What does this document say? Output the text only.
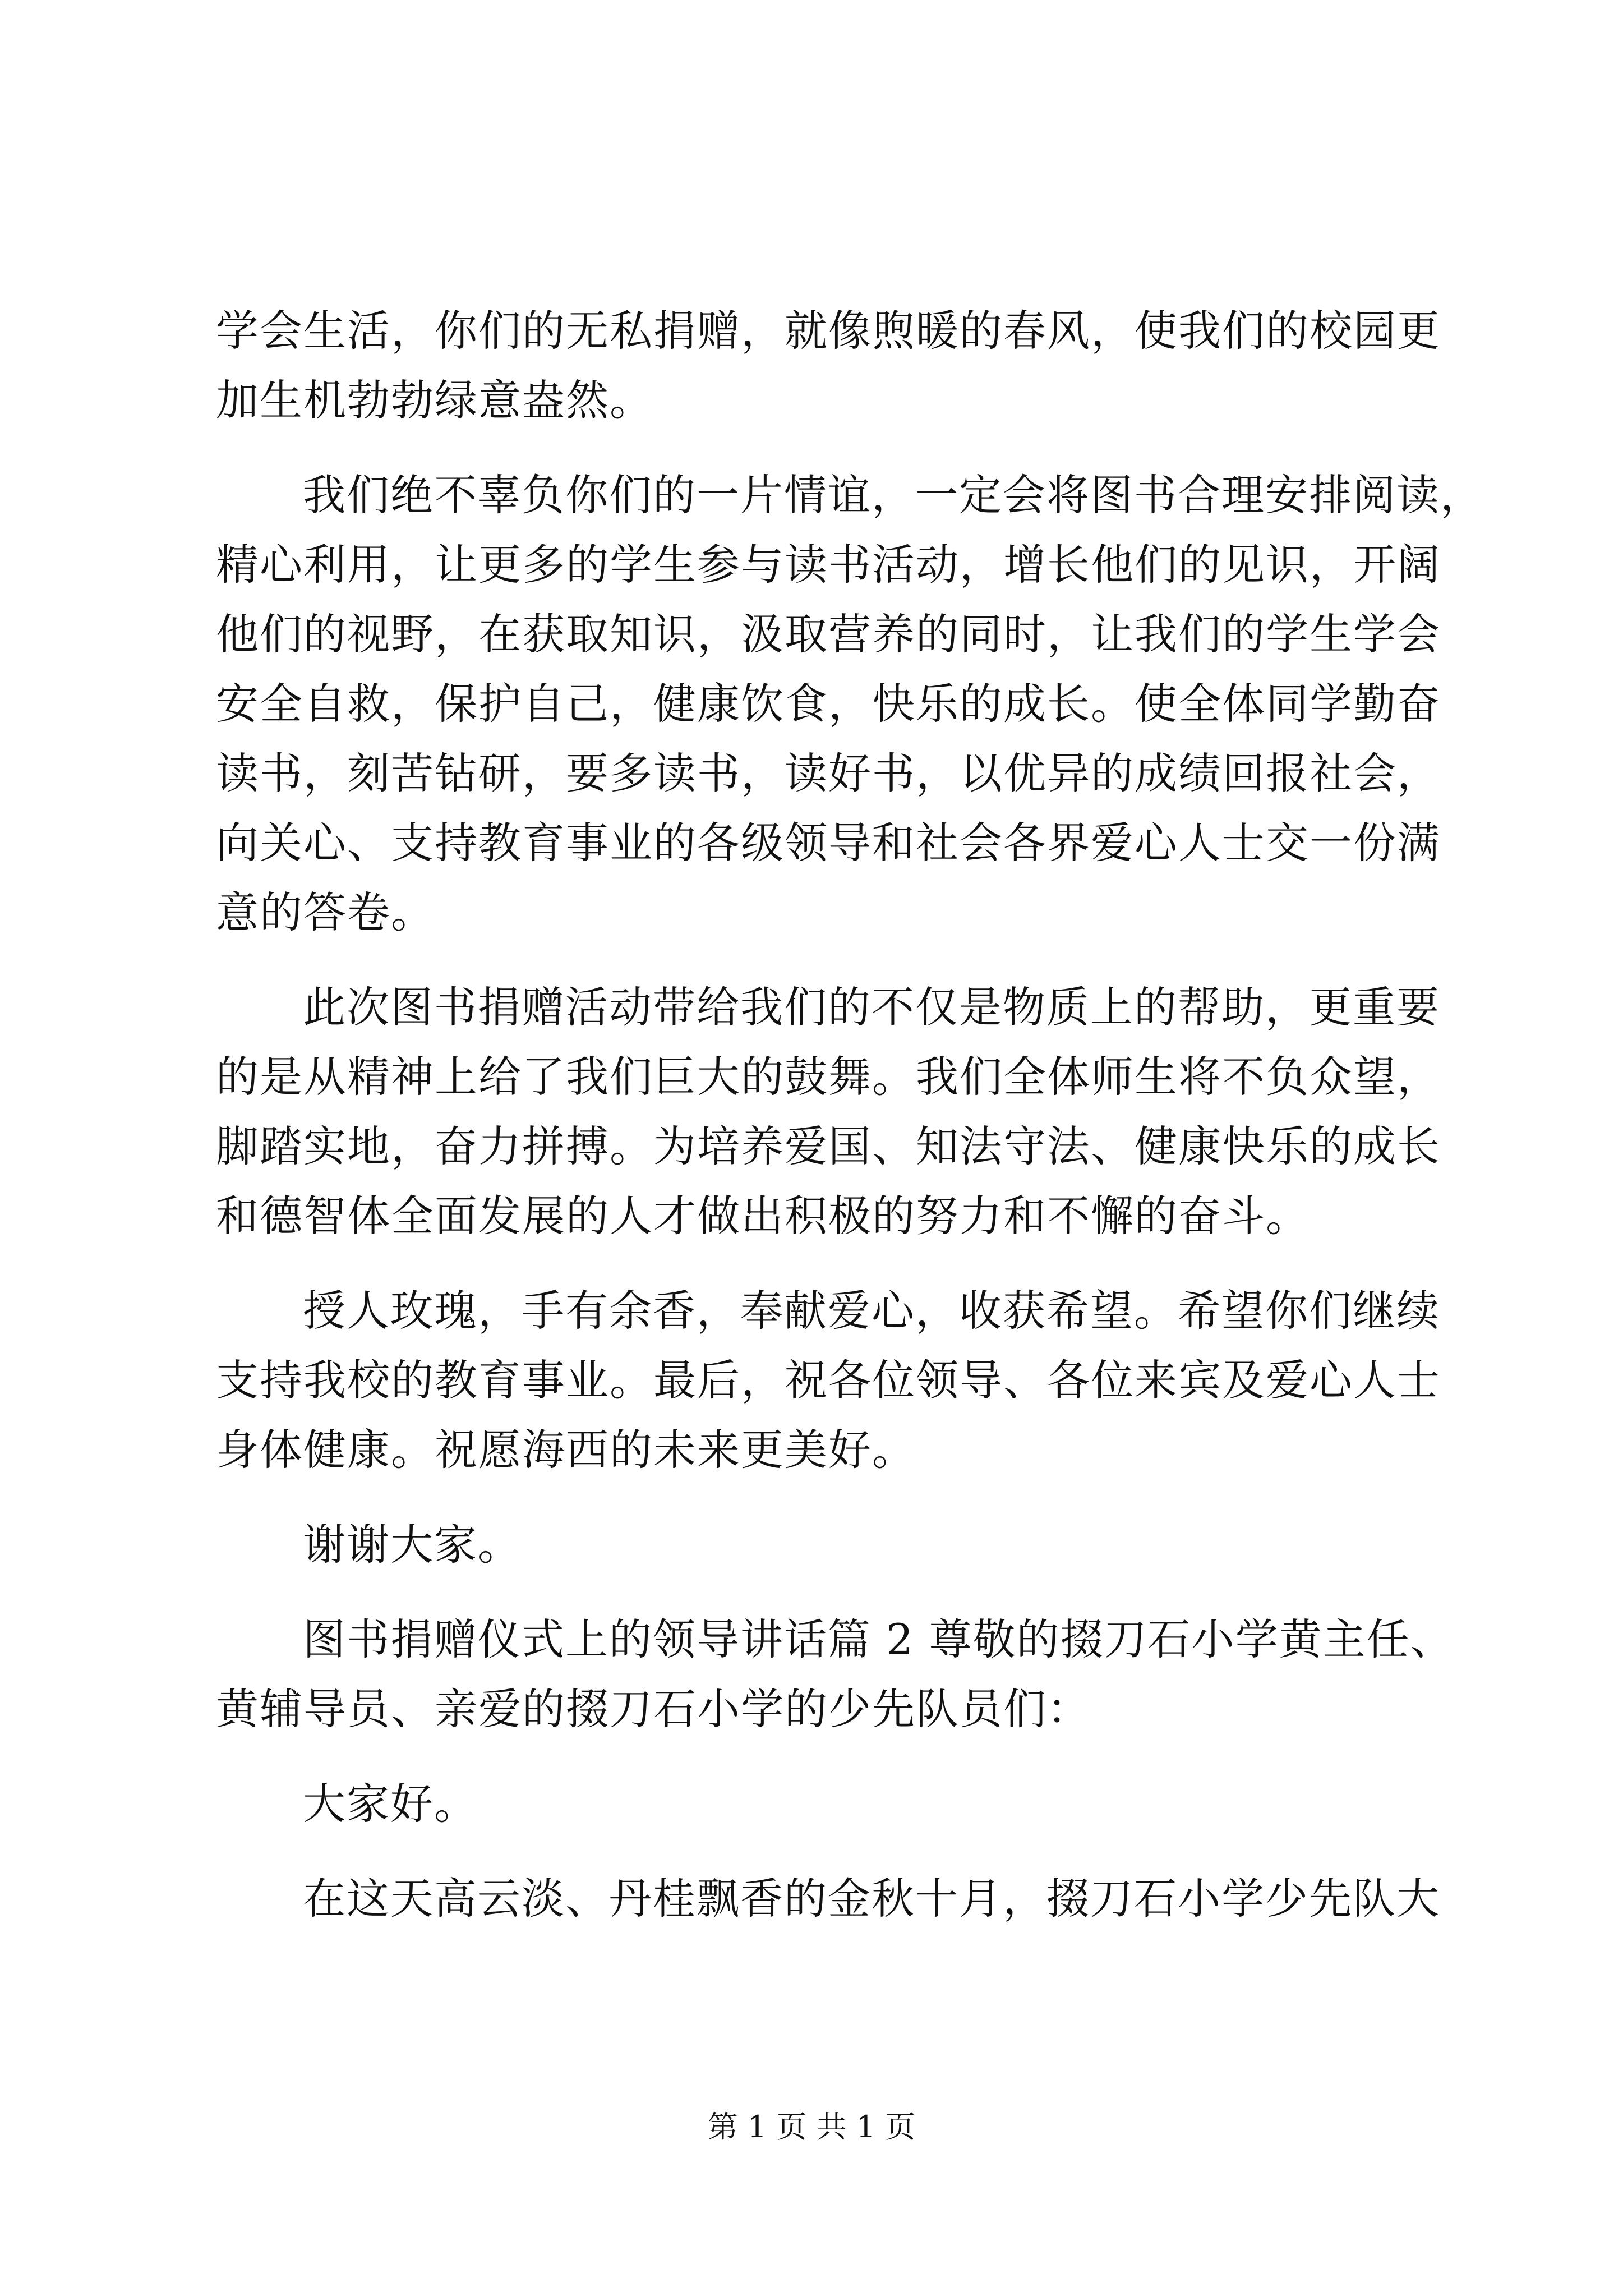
学会生活，你们的无私捐赠，就像煦暖的春风，使我们的校园更
加生机勃勃绿意盎然。
我们绝不辜负你们的一片情谊，一定会将图书合理安排阅读，
精心利用，让更多的学生参与读书活动，增长他们的见识，开阔
他们的视野，在获取知识，汲取营养的同时，让我们的学生学会
安全自救，保护自己，健康饮食，快乐的成长。使全体同学勤奋
读书，刻苦钻研，要多读书，读好书，以优异的成绩回报社会，
向关心、支持教育事业的各级领导和社会各界爱心人士交一份满
意的答卷。
此次图书捐赠活动带给我们的不仅是物质上的帮助，更重要
的是从精神上给了我们巨大的鼓舞。我们全体师生将不负众望，
脚踏实地，奋力拼搏。为培养爱国、知法守法、健康快乐的成长
和德智体全面发展的人才做出积极的努力和不懈的奋斗。
授人玫瑰，手有余香，奉献爱心，收获希望。希望你们继续
支持我校的教育事业。最后，祝各位领导、各位来宾及爱心人士
身体健康。祝愿海西的未来更美好。
谢谢大家。
图书捐赠仪式上的领导讲话篇 2 尊敬的掇刀石小学黄主任、
黄辅导员、亲爱的掇刀石小学的少先队员们：
大家好。
在这天高云淡、丹桂飘香的金秋十月，掇刀石小学少先队大
第 1 页 共 1 页
